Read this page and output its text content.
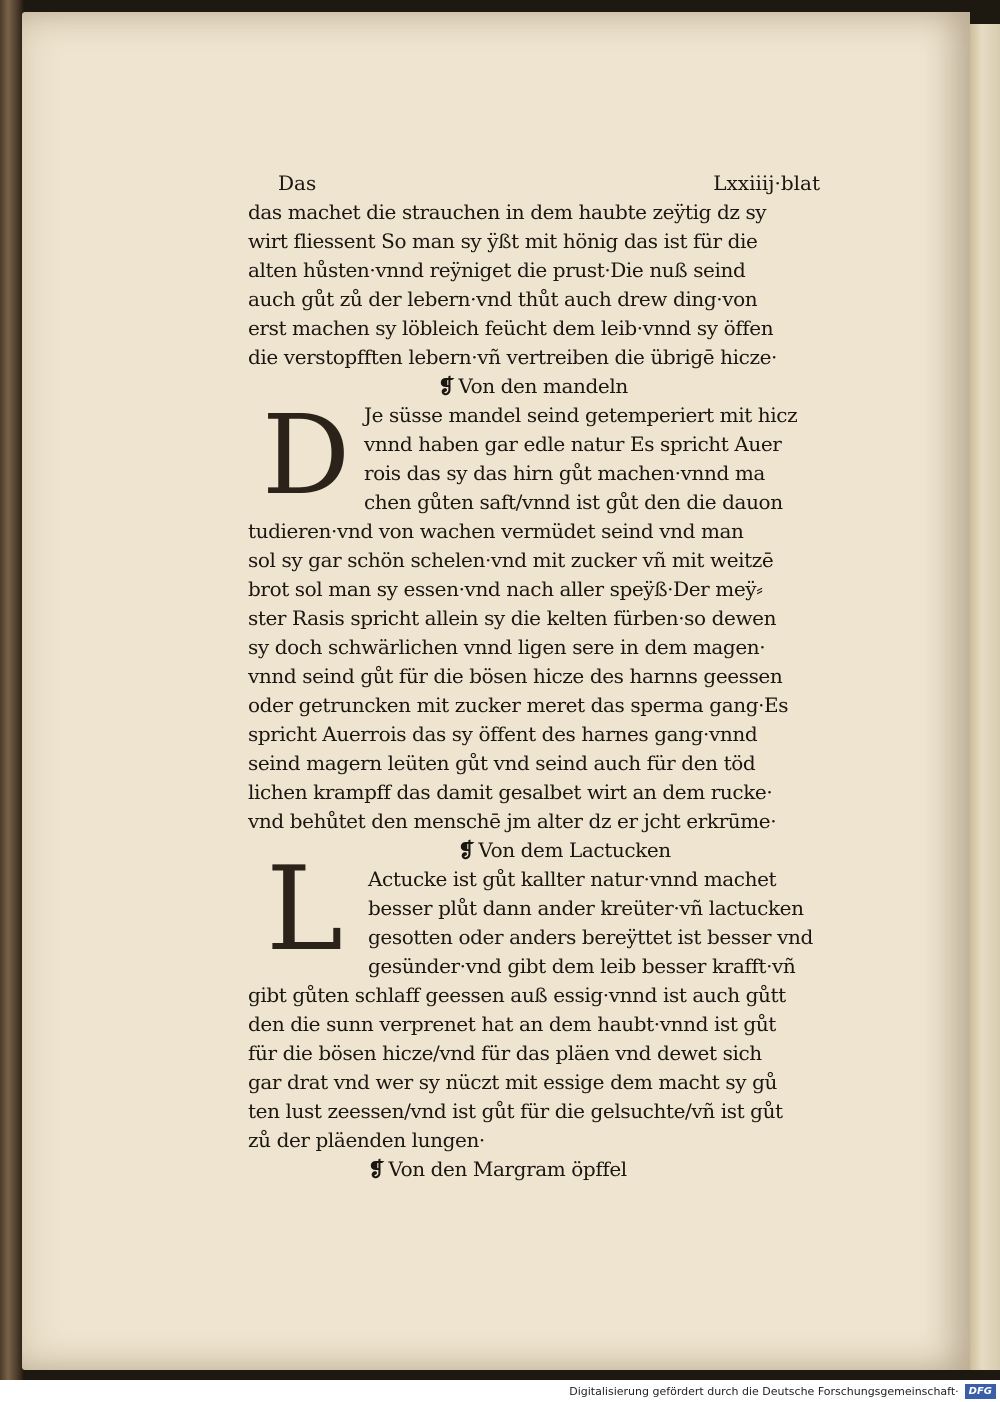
D
L
Das	Lxxiiij·blat
das machet die strauchen in dem haubte zeÿtig dz sy
wirt fliessent So man sy ÿßt mit hönig das ist für die
alten hůsten·vnnd reÿniget die prust·Die nuß seind
auch gůt zů der lebern·vnd thůt auch drew ding·von
erst machen sy löbleich feücht dem leib·vnnd sy öffen
die verstopfften lebern·vñ vertreiben die übrigē hicze·
❡ Von den mandeln
Je süsse mandel seind getemperiert mit hicz
vnnd haben gar edle natur Es spricht Auer
rois das sy das hirn gůt machen·vnnd ma
chen gůten saft/vnnd ist gůt den die dauon
tudieren·vnd von wachen vermüdet seind vnd man
sol sy gar schön schelen·vnd mit zucker vñ mit weitzē
brot sol man sy essen·vnd nach aller speÿß·Der meÿ⸗
ster Rasis spricht allein sy die kelten fürben·so dewen
sy doch schwärlichen vnnd ligen sere in dem magen·
vnnd seind gůt für die bösen hicze des harnns geessen
oder getruncken mit zucker meret das sperma gang·Es
spricht Auerrois das sy öffent des harnes gang·vnnd
seind magern leüten gůt vnd seind auch für den töd
lichen krampff das damit gesalbet wirt an dem rucke·
vnd behůtet den menschē jm alter dz er jcht erkrūme·
❡ Von dem Lactucken
Actucke ist gůt kallter natur·vnnd machet
besser plůt dann ander kreüter·vñ lactucken
gesotten oder anders bereÿttet ist besser vnd
gesünder·vnd gibt dem leib besser krafft·vñ
gibt gůten schlaff geessen auß essig·vnnd ist auch gůtt
den die sunn verprenet hat an dem haubt·vnnd ist gůt
für die bösen hicze/vnd für das pläen vnd dewet sich
gar drat vnd wer sy nüczt mit essige dem macht sy gů
ten lust zeessen/vnd ist gůt für die gelsuchte/vñ ist gůt
zů der pläenden lungen·
❡ Von den Margram öpffel
Digitalisierung gefördert durch die Deutsche Forschungsgemeinschaft·	DFG
